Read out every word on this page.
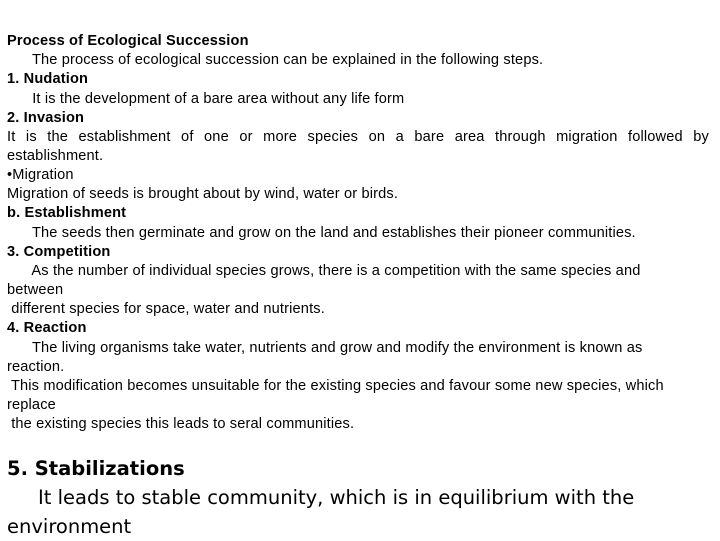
Process of Ecological Succession
The process of ecological succession can be explained in the following steps.
1. Nudation
It is the development of a bare area without any life form
2. Invasion
It is the establishment of one or more species on a bare area through migration followed by
establishment.
•Migration
Migration of seeds is brought about by wind, water or birds.
b. Establishment
The seeds then germinate and grow on the land and establishes their pioneer communities.
3. Competition
As the number of individual species grows, there is a competition with the same species and
between
different species for space, water and nutrients.
4. Reaction
The living organisms take water, nutrients and grow and modify the environment is known as
reaction.
This modification becomes unsuitable for the existing species and favour some new species, which
replace
the existing species this leads to seral communities.
5. Stabilizations
It leads to stable community, which is in equilibrium with the
environment
